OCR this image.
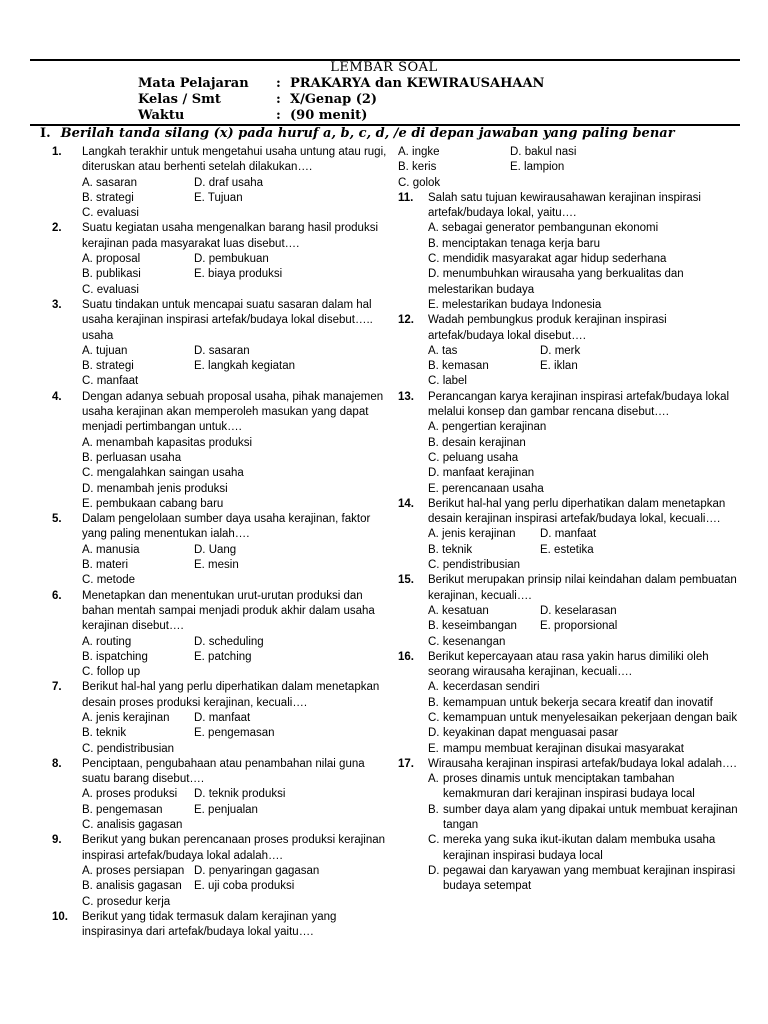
LEMBAR SOAL
Mata Pelajaran : PRAKARYA dan KEWIRAUSAHAAN
Kelas / Smt	: X/Genap (2)
Waktu	: (90 menit)
I. Berilah tanda silang (x) pada huruf a, b, c, d, /e di depan jawaban yang paling benar
1. Langkah terakhir untuk mengetahui usaha untung atau rugi, diteruskan atau berhenti setelah dilakukan….
A. sasaran	D. draf usaha
B. strategi	E. Tujuan
C. evaluasi
2. Suatu kegiatan usaha mengenalkan barang hasil produksi kerajinan pada masyarakat luas disebut….
A. proposal	D. pembukuan
B. publikasi	E. biaya produksi
C. evaluasi
3. Suatu tindakan untuk mencapai suatu sasaran dalam hal usaha kerajinan inspirasi artefak/budaya lokal disebut….. usaha
A. tujuan	D. sasaran
B. strategi	E. langkah kegiatan
C. manfaat
4. Dengan adanya sebuah proposal usaha, pihak manajemen usaha kerajinan akan memperoleh masukan yang dapat menjadi pertimbangan untuk….
A. menambah kapasitas produksi
B. perluasan usaha
C. mengalahkan saingan usaha
D. menambah jenis produksi
E. pembukaan cabang baru
5. Dalam pengelolaan sumber daya usaha kerajinan, faktor yang paling menentukan ialah….
A. manusia	D. Uang
B. materi	E. mesin
C. metode
6. Menetapkan dan menentukan urut-urutan produksi dan bahan mentah sampai menjadi produk akhir dalam usaha kerajinan disebut….
A. routing	D. scheduling
B. ispatching	E. patching
C. follop up
7. Berikut hal-hal yang perlu diperhatikan dalam menetapkan desain proses produksi kerajinan, kecuali….
A. jenis kerajinan D. manfaat
B. teknik	E. pengemasan
C. pendistribusian
8. Penciptaan, pengubahaan atau penambahan nilai guna suatu barang disebut….
A. proses produksi D. teknik produksi
B. pengemasan	E. penjualan
C. analisis gagasan
9. Berikut yang bukan perencanaan proses produksi kerajinan inspirasi artefak/budaya lokal adalah….
A. proses persiapan D. penyaringan gagasan
B. analisis gagasan E. uji coba produksi
C. prosedur kerja
10. Berikut yang tidak termasuk dalam kerajinan yang inspirasinya dari artefak/budaya lokal yaitu….
A. ingke	D. bakul nasi
B. keris	E. lampion
C. golok
11. Salah satu tujuan kewirausahawan kerajinan inspirasi artefak/budaya lokal, yaitu….
A. sebagai generator pembangunan ekonomi
B. menciptakan tenaga kerja baru
C. mendidik masyarakat agar hidup sederhana
D. menumbuhkan wirausaha yang berkualitas dan melestarikan budaya
E. melestarikan budaya Indonesia
12. Wadah pembungkus produk kerajinan inspirasi artefak/budaya lokal disebut….
A. tas	D. merk
B. kemasan	E. iklan
C. label
13. Perancangan karya kerajinan inspirasi artefak/budaya lokal melalui konsep dan gambar rencana disebut….
A. pengertian kerajinan
B. desain kerajinan
C. peluang usaha
D. manfaat kerajinan
E. perencanaan usaha
14. Berikut hal-hal yang perlu diperhatikan dalam menetapkan desain kerajinan inspirasi artefak/budaya lokal, kecuali….
A. jenis kerajinan D. manfaat
B. teknik	E. estetika
C. pendistribusian
15. Berikut merupakan prinsip nilai keindahan dalam pembuatan kerajinan, kecuali….
A. kesatuan	D. keselarasan
B. keseimbangan E. proporsional
C. kesenangan
16. Berikut kepercayaan atau rasa yakin harus dimiliki oleh seorang wirausaha kerajinan, kecuali….
A. kecerdasan sendiri
B. kemampuan untuk bekerja secara kreatif dan inovatif
C. kemampuan untuk menyelesaikan pekerjaan dengan baik
D. keyakinan dapat menguasai pasar
E. mampu membuat kerajinan disukai masyarakat
17. Wirausaha kerajinan inspirasi artefak/budaya lokal adalah….
A. proses dinamis untuk menciptakan tambahan kemakmuran dari kerajinan inspirasi budaya local
B. sumber daya alam yang dipakai untuk membuat kerajinan tangan
C. mereka yang suka ikut-ikutan dalam membuka usaha kerajinan inspirasi budaya local
D. pegawai dan karyawan yang membuat kerajinan inspirasi budaya setempat
